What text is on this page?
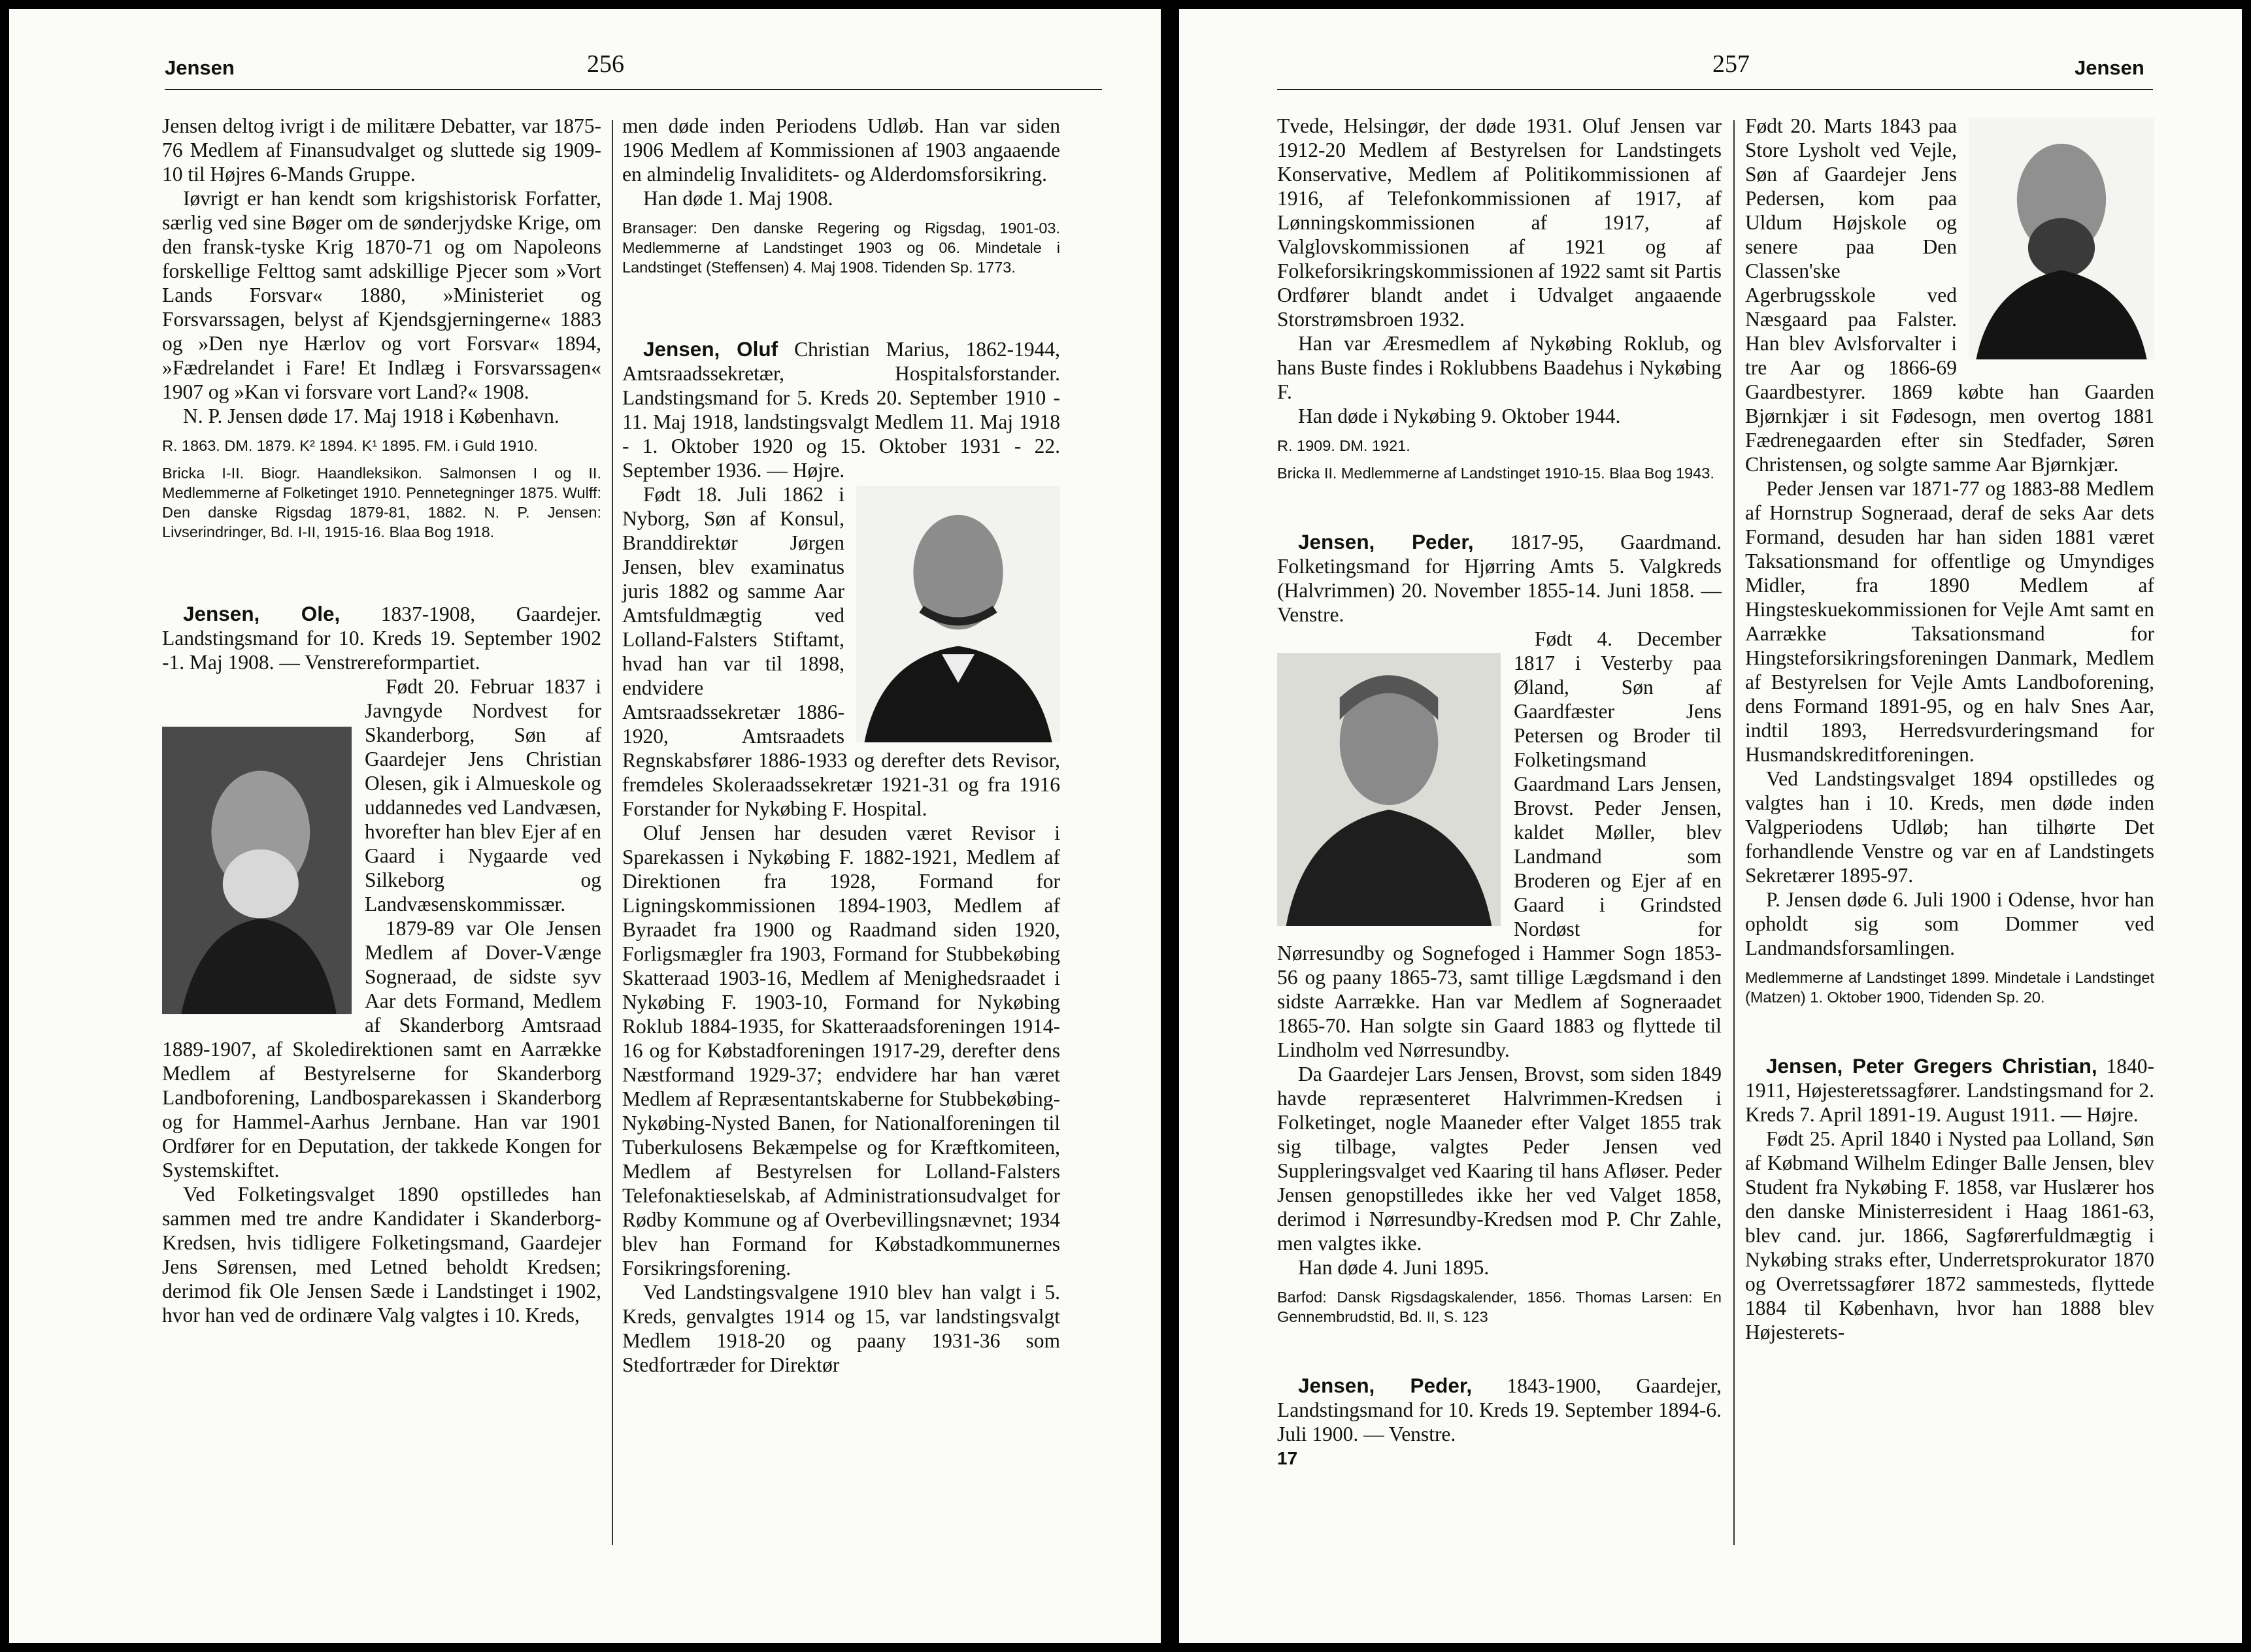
Jensen	256

Jensen deltog ivrigt i de militære Debatter, var 1875-76 Medlem af Finansudvalget og sluttede sig 1909-10 til Højres 6-Mands Gruppe.

Iøvrigt er han kendt som krigshistorisk Forfatter, særlig ved sine Bøger om de sønderjydske Krige, om den fransk-tyske Krig 1870-71 og om Napoleons forskellige Felttog samt adskillige Pjecer som »Vort Lands Forsvar« 1880, »Ministeriet og Forsvarssagen, belyst af Kjendsgjerningerne« 1883 og »Den nye Hærlov og vort Forsvar« 1894, »Fædrelandet i Fare! Et Indlæg i Forsvarssagen« 1907 og »Kan vi forsvare vort Land?« 1908.

N. P. Jensen døde 17. Maj 1918 i København.

R. 1863. DM. 1879. K² 1894. K¹ 1895. FM. i Guld 1910.

Bricka I-II. Biogr. Haandleksikon. Salmonsen I og II. Medlemmerne af Folketinget 1910. Pennetegninger 1875. Wulff: Den danske Rigsdag 1879-81, 1882. N. P. Jensen: Livserindringer, Bd. I-II, 1915-16. Blaa Bog 1918.

Jensen, Ole, 1837-1908, Gaardejer. Landstingsmand for 10. Kreds 19. September 1902 -1. Maj 1908. — Venstrereformpartiet.

Født 20. Februar 1837 i Javngyde Nordvest for Skanderborg, Søn af Gaardejer Jens Christian Olesen, gik i Almueskole og uddannedes ved Landvæsen, hvorefter han blev Ejer af en Gaard i Nygaarde ved Silkeborg og Landvæsenskommissær.

1879-89 var Ole Jensen Medlem af Dover-Vænge Sogneraad, de sidste syv Aar dets Formand, Medlem af Skanderborg Amtsraad 1889-1907, af Skoledirektionen samt en Aarrække Medlem af Bestyrelserne for Skanderborg Landboforening, Landbosparekassen i Skanderborg og for Hammel-Aarhus Jernbane. Han var 1901 Ordfører for en Deputation, der takkede Kongen for Systemskiftet.

Ved Folketingsvalget 1890 opstilledes han sammen med tre andre Kandidater i Skanderborg-Kredsen, hvis tidligere Folketingsmand, Gaardejer Jens Sørensen, med Letned beholdt Kredsen; derimod fik Ole Jensen Sæde i Landstinget i 1902, hvor han ved de ordinære Valg valgtes i 10. Kreds,

men døde inden Periodens Udløb. Han var siden 1906 Medlem af Kommissionen af 1903 angaaende en almindelig Invaliditets- og Alderdomsforsikring.

Han døde 1. Maj 1908.

Bransager: Den danske Regering og Rigsdag, 1901-03. Medlemmerne af Landstinget 1903 og 06. Mindetale i Landstinget (Steffensen) 4. Maj 1908. Tidenden Sp. 1773.

Jensen, Oluf Christian Marius, 1862-1944, Amtsraadssekretær, Hospitalsforstander. Landstingsmand for 5. Kreds 20. September 1910 - 11. Maj 1918, landstingsvalgt Medlem 11. Maj 1918 - 1. Oktober 1920 og 15. Oktober 1931 - 22. September 1936. — Højre.

Født 18. Juli 1862 i Nyborg, Søn af Konsul, Branddirektør Jørgen Jensen, blev examinatus juris 1882 og samme Aar Amtsfuldmægtig ved Lolland-Falsters Stiftamt, hvad han var til 1898, endvidere Amtsraadssekretær 1886-1920, Amtsraadets Regnskabsfører 1886-1933 og derefter dets Revisor, fremdeles Skoleraadssekretær 1921-31 og fra 1916 Forstander for Nykøbing F. Hospital.

Oluf Jensen har desuden været Revisor i Sparekassen i Nykøbing F. 1882-1921, Medlem af Direktionen fra 1928, Formand for Ligningskommissionen 1894-1903, Medlem af Byraadet fra 1900 og Raadmand siden 1920, Forligsmægler fra 1903, Formand for Stubbekøbing Skatteraad 1903-16, Medlem af Menighedsraadet i Nykøbing F. 1903-10, Formand for Nykøbing Roklub 1884-1935, for Skatteraadsforeningen 1914-16 og for Købstadforeningen 1917-29, derefter dens Næstformand 1929-37; endvidere har han været Medlem af Repræsentantskaberne for Stubbekøbing-Nykøbing-Nysted Banen, for Nationalforeningen til Tuberkulosens Bekæmpelse og for Kræftkomiteen, Medlem af Bestyrelsen for Lolland-Falsters Telefonaktieselskab, af Administrationsudvalget for Rødby Kommune og af Overbevillingsnævnet; 1934 blev han Formand for Købstadkommunernes Forsikringsforening.

Ved Landstingsvalgene 1910 blev han valgt i 5. Kreds, genvalgtes 1914 og 15, var landstingsvalgt Medlem 1918-20 og paany 1931-36 som Stedfortræder for Direktør

257	Jensen

Tvede, Helsingør, der døde 1931. Oluf Jensen var 1912-20 Medlem af Bestyrelsen for Landstingets Konservative, Medlem af Politikommissionen af 1916, af Telefonkommissionen af 1917, af Lønningskommissionen af 1917, af Valglovskommissionen af 1921 og af Folkeforsikringskommissionen af 1922 samt sit Partis Ordfører blandt andet i Udvalget angaaende Storstrømsbroen 1932.

Han var Æresmedlem af Nykøbing Roklub, og hans Buste findes i Roklubbens Baadehus i Nykøbing F.

Han døde i Nykøbing 9. Oktober 1944.

R. 1909. DM. 1921.

Bricka II. Medlemmerne af Landstinget 1910-15. Blaa Bog 1943.

Jensen, Peder, 1817-95, Gaardmand. Folketingsmand for Hjørring Amts 5. Valgkreds (Halvrimmen) 20. November 1855-14. Juni 1858. — Venstre.

Født 4. December 1817 i Vesterby paa Øland, Søn af Gaardfæster Jens Petersen og Broder til Folketingsmand Gaardmand Lars Jensen, Brovst. Peder Jensen, kaldet Møller, blev Landmand som Broderen og Ejer af en Gaard i Grindsted Nordøst for Nørresundby og Sognefoged i Hammer Sogn 1853-56 og paany 1865-73, samt tillige Lægdsmand i den sidste Aarrække. Han var Medlem af Sogneraadet 1865-70. Han solgte sin Gaard 1883 og flyttede til Lindholm ved Nørresundby.

Da Gaardejer Lars Jensen, Brovst, som siden 1849 havde repræsenteret Halvrimmen-Kredsen i Folketinget, nogle Maaneder efter Valget 1855 trak sig tilbage, valgtes Peder Jensen ved Suppleringsvalget ved Kaaring til hans Afløser. Peder Jensen genopstilledes ikke her ved Valget 1858, derimod i Nørresundby-Kredsen mod P. Chr Zahle, men valgtes ikke.

Han døde 4. Juni 1895.

Barfod: Dansk Rigsdagskalender, 1856. Thomas Larsen: En Gennembrudstid, Bd. II, S. 123

Jensen, Peder, 1843-1900, Gaardejer, Landstingsmand for 10. Kreds 19. September 1894-6. Juli 1900. — Venstre.

17

Født 20. Marts 1843 paa Store Lysholt ved Vejle, Søn af Gaardejer Jens Pedersen, kom paa Uldum Højskole og senere paa Den Classen'ske Agerbrugsskole ved Næsgaard paa Falster. Han blev Avlsforvalter i tre Aar og 1866-69 Gaardbestyrer. 1869 købte han Gaarden Bjørnkjær i sit Fødesogn, men overtog 1881 Fædrenegaarden efter sin Stedfader, Søren Christensen, og solgte samme Aar Bjørnkjær.

Peder Jensen var 1871-77 og 1883-88 Medlem af Hornstrup Sogneraad, deraf de seks Aar dets Formand, desuden har han siden 1881 været Taksationsmand for offentlige og Umyndiges Midler, fra 1890 Medlem af Hingsteskuekommissionen for Vejle Amt samt en Aarrække Taksationsmand for Hingsteforsikringsforeningen Danmark, Medlem af Bestyrelsen for Vejle Amts Landboforening, dens Formand 1891-95, og en halv Snes Aar, indtil 1893, Herredsvurderingsmand for Husmandskreditforeningen.

Ved Landstingsvalget 1894 opstilledes og valgtes han i 10. Kreds, men døde inden Valgperiodens Udløb; han tilhørte Det forhandlende Venstre og var en af Landstingets Sekretærer 1895-97.

P. Jensen døde 6. Juli 1900 i Odense, hvor han opholdt sig som Dommer ved Landmandsforsamlingen.

Medlemmerne af Landstinget 1899. Mindetale i Landstinget (Matzen) 1. Oktober 1900, Tidenden Sp. 20.

Jensen, Peter Gregers Christian, 1840-1911, Højesteretssagfører. Landstingsmand for 2. Kreds 7. April 1891-19. August 1911. — Højre.

Født 25. April 1840 i Nysted paa Lolland, Søn af Købmand Wilhelm Edinger Balle Jensen, blev Student fra Nykøbing F. 1858, var Huslærer hos den danske Ministerresident i Haag 1861-63, blev cand. jur. 1866, Sagførerfuldmægtig i Nykøbing straks efter, Underretsprokurator 1870 og Overretssagfører 1872 sammesteds, flyttede 1884 til København, hvor han 1888 blev Højesterets-
